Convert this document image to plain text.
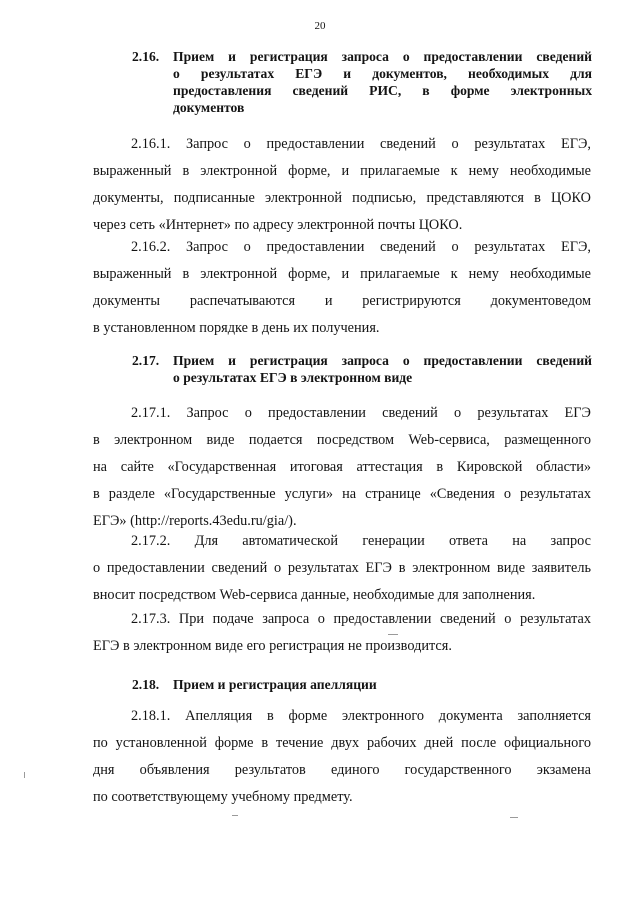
20
2.16. Прием и регистрация запроса о предоставлении сведений
о результатах ЕГЭ и документов, необходимых для
предоставления сведений РИС, в форме электронных
документов
2.16.1. Запрос о предоставлении сведений о результатах ЕГЭ,
выраженный в электронной форме, и прилагаемые к нему необходимые
документы, подписанные электронной подписью, представляются в ЦОКО
через сеть «Интернет» по адресу электронной почты ЦОКО.
2.16.2. Запрос о предоставлении сведений о результатах ЕГЭ,
выраженный в электронной форме, и прилагаемые к нему необходимые
документы распечатываются и регистрируются документоведом
в установленном порядке в день их получения.
2.17. Прием и регистрация запроса о предоставлении сведений
о результатах ЕГЭ в электронном виде
2.17.1. Запрос о предоставлении сведений о результатах ЕГЭ
в электронном виде подается посредством Web-сервиса, размещенного
на сайте «Государственная итоговая аттестация в Кировской области»
в разделе «Государственные услуги» на странице «Сведения о результатах
ЕГЭ» (http://reports.43edu.ru/gia/).
2.17.2. Для автоматической генерации ответа на запрос
о предоставлении сведений о результатах ЕГЭ в электронном виде заявитель
вносит посредством Web-сервиса данные, необходимые для заполнения.
2.17.3. При подаче запроса о предоставлении сведений о результатах
ЕГЭ в электронном виде его регистрация не производится.
2.18. Прием и регистрация апелляции
2.18.1. Апелляция в форме электронного документа заполняется
по установленной форме в течение двух рабочих дней после официального
дня объявления результатов единого государственного экзамена
по соответствующему учебному предмету.
